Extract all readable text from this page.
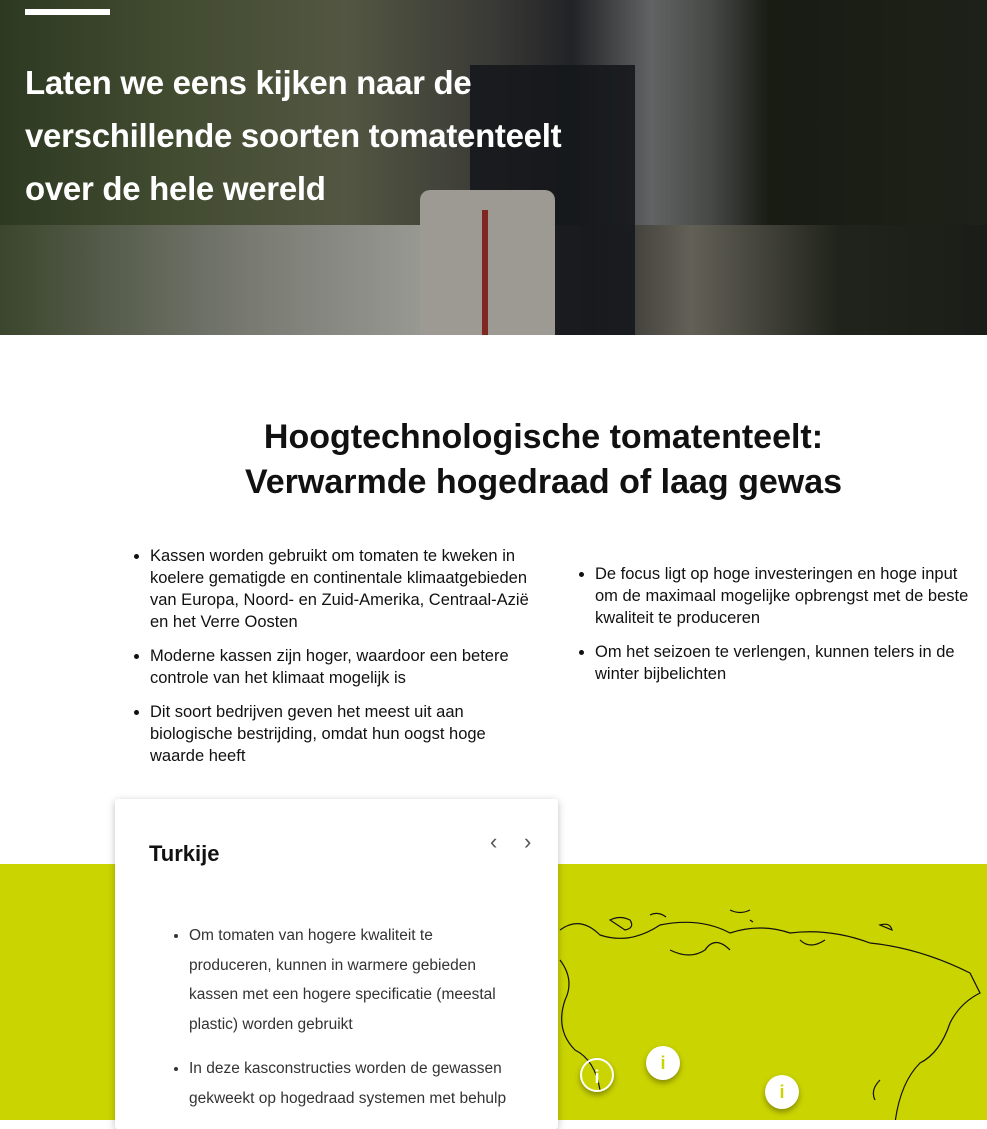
Laten we eens kijken naar de verschillende soorten tomatenteelt over de hele wereld
Hoogtechnologische tomatenteelt:
Verwarmde hogedraad of laag gewas
• Kassen worden gebruikt om tomaten te kweken in koelere gematigde en continentale klimaatgebieden van Europa, Noord- en Zuid-Amerika, Centraal-Azië en het Verre Oosten
• Moderne kassen zijn hoger, waardoor een betere controle van het klimaat mogelijk is
• Dit soort bedrijven geven het meest uit aan biologische bestrijding, omdat hun oogst hoge waarde heeft
• De focus ligt op hoge investeringen en hoge input om de maximaal mogelijke opbrengst met de beste kwaliteit te produceren
• Om het seizoen te verlengen, kunnen telers in de winter bijbelichten
i
i
i
Turkije	‹ ›
• Om tomaten van hogere kwaliteit te produceren, kunnen in warmere gebieden kassen met een hogere specificatie (meestal plastic) worden gebruikt
• In deze kasconstructies worden de gewassen gekweekt op hogedraad systemen met behulp
